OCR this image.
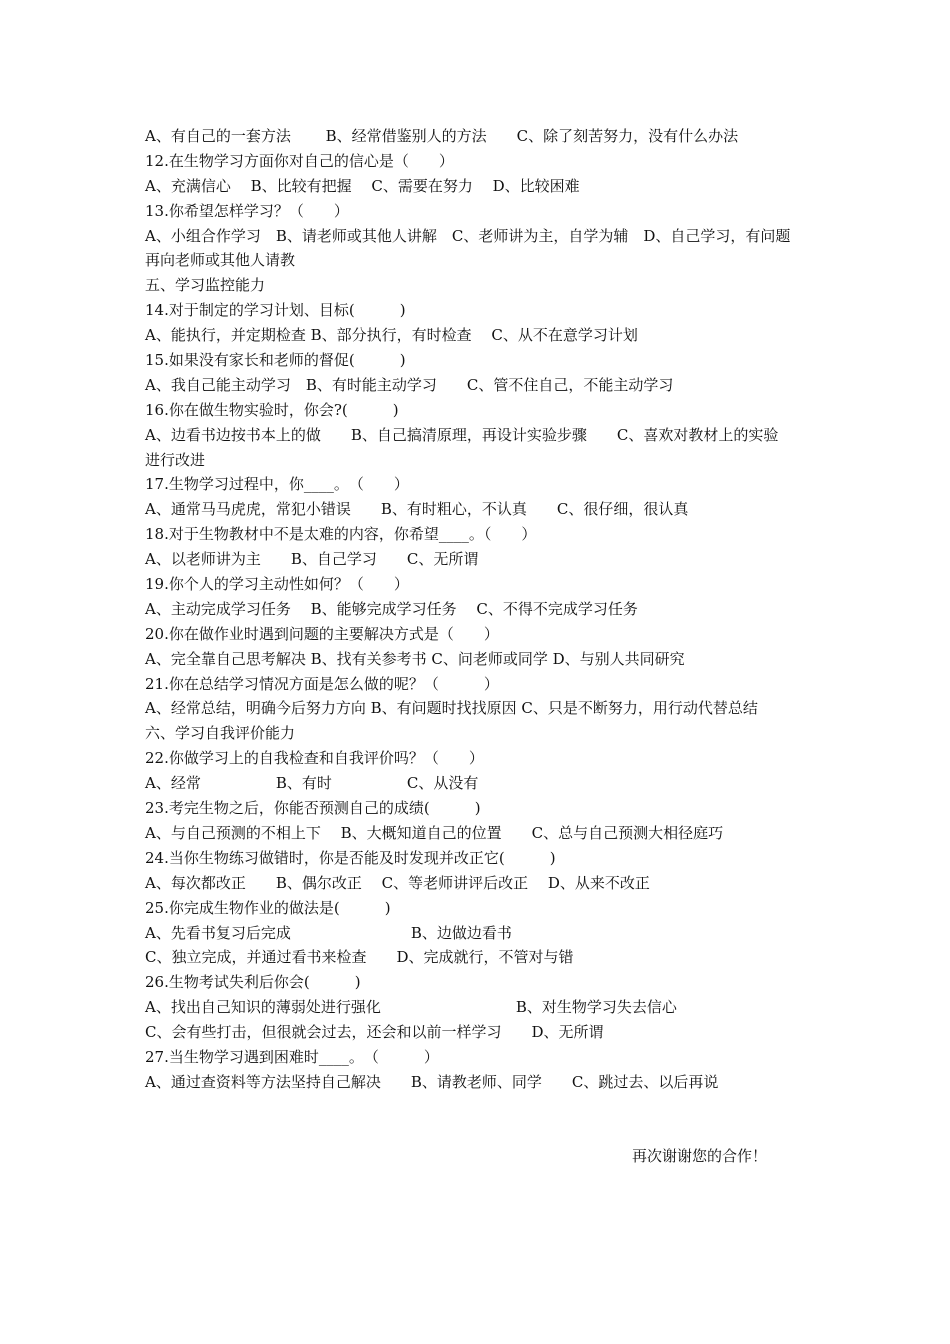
A、有自己的一套方法　　 B、经常借鉴别人的方法　　C、除了刻苦努力，没有什么办法
12.在生物学习方面你对自己的信心是（　　）
A、充满信心　 B、比较有把握　 C、需要在努力　 D、比较困难
13.你希望怎样学习？（　　）
A、小组合作学习　B、请老师或其他人讲解　C、老师讲为主，自学为辅　D、自己学习，有问题
再向老师或其他人请教
五、学习监控能力
14.对于制定的学习计划、目标(　　　)
A、能执行，并定期检查 B、部分执行，有时检查　 C、从不在意学习计划
15.如果没有家长和老师的督促(　　　)
A、我自己能主动学习　B、有时能主动学习　　C、管不住自己，不能主动学习
16.你在做生物实验时，你会?(　　　)
A、边看书边按书本上的做　　B、自己搞清原理，再设计实验步骤　　C、喜欢对教材上的实验
进行改进
17.生物学习过程中，你____。　（　　）
A、通常马马虎虎，常犯小错误　　B、有时粗心，不认真　　C、很仔细，很认真
18.对于生物教材中不是太难的内容，你希望____。（　　）
A、以老师讲为主　　B、自己学习　　C、无所谓
19.你个人的学习主动性如何？（　　）
A、主动完成学习任务　 B、能够完成学习任务　 C、不得不完成学习任务
20.你在做作业时遇到问题的主要解决方式是（　　）
A、完全靠自己思考解决 B、找有关参考书 C、问老师或同学 D、与别人共同研究
21.你在总结学习情况方面是怎么做的呢？（　　　）
A、经常总结，明确今后努力方向 B、有问题时找找原因 C、只是不断努力，用行动代替总结
六、学习自我评价能力
22.你做学习上的自我检查和自我评价吗？（　　）
A、经常　　　　　B、有时　　　　　C、从没有
23.考完生物之后，你能否预测自己的成绩(　　　)
A、与自己预测的不相上下　 B、大概知道自己的位置　　C、总与自己预测大相径庭巧
24.当你生物练习做错时，你是否能及时发现并改正它(　　　)
A、每次都改正　　B、偶尔改正　 C、等老师讲评后改正　 D、从来不改正
25.你完成生物作业的做法是(　　　)
A、先看书复习后完成　　　　　　　　B、边做边看书
C、独立完成，并通过看书来检查　　D、完成就行，不管对与错
26.生物考试失利后你会(　　　)
A、找出自己知识的薄弱处进行强化　　　　　　　　　B、对生物学习失去信心
C、会有些打击，但很就会过去，还会和以前一样学习　　D、无所谓
27.当生物学习遇到困难时____。　（　　　）
A、通过查资料等方法坚持自己解决　　B、请教老师、同学　　C、跳过去、以后再说
再次谢谢您的合作！
